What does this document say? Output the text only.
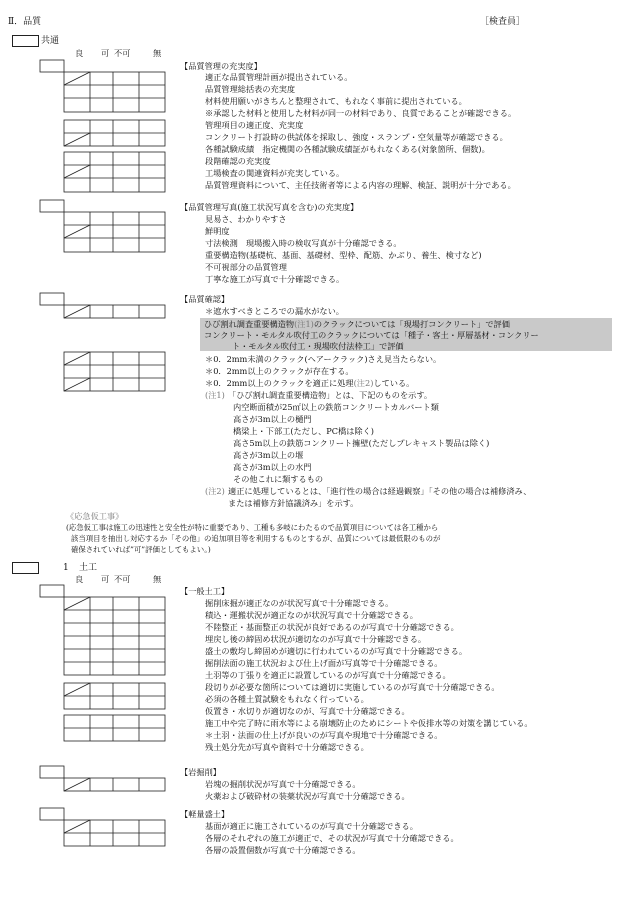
Ⅱ．品質	［検査員］
共通
良 可 不可	無
【品質管理の充実度】
適正な品質管理計画が提出されている。
品質管理総括表の充実度
材料使用願いがきちんと整理されて、もれなく事前に提出されている。
※承認した材料と使用した材料が同一の材料であり、良質であることが確認できる。
管理項目の適正度、充実度
コンクリート打設時の供試体を採取し、強度・スランプ・空気量等が確認できる。
各種試験成績　指定機関の各種試験成績証がもれなくある(対象箇所、個数)。
段階確認の充実度
工場検査の関連資料が充実している。
品質管理資料について、主任技術者等による内容の理解、検証、説明が十分である。
【品質管理写真(施工状況写真を含む)の充実度】
見易さ、わかりやすさ
鮮明度
寸法検測　現場搬入時の検収写真が十分確認できる。
重要構造物(基礎杭、基面、基礎材、型枠、配筋、かぶり、養生、検寸など)
不可視部分の品質管理
丁寧な施工が写真で十分確認できる。
【品質確認】
＊遮水すべきところでの漏水がない。
ひび割れ調査重要構造物(注1)のクラックについては「現場打コンクリート」で評価
コンクリート・モルタル吹付工のクラックについては「種子・客土・厚層基材・コンクリー
ト・モルタル吹付工・現場吹付法枠工」で評価
＊0．2mm未満のクラック(ヘアークラック)さえ見当たらない。
＊0．2mm以上のクラックが存在する。
＊0．2mm以上のクラックを適正に処理(注2)している。
(注1) 「ひび割れ調査重要構造物」とは、下記のものを示す。
内空断面積が25㎡以上の鉄筋コンクリートカルバート類
高さが3m以上の樋門
橋梁上・下部工(ただし、PC橋は除く)
高さ5m以上の鉄筋コンクリート擁壁(ただしプレキャスト製品は除く)
高さが3m以上の堰
高さが3m以上の水門
その他これに類するもの
(注2) 適正に処理しているとは、「進行性の場合は経過観察」「その他の場合は補修済み、
または補修方針協議済み」を示す。
《応急仮工事》
(応急仮工事は施工の迅速性と安全性が特に重要であり、工種も多岐にわたるので品質項目については各工種から
該当項目を抽出し対応するか「その他」の追加項目等を利用するものとするが、品質については最低限のものが
確保されていれば”可”評価としてもよい。)
1 土工
良 可 不可	無
【一般土工】
掘削床掘が適正なのが状況写真で十分確認できる。
積込・運搬状況が適正なのが状況写真で十分確認できる。
不陸整正・基面整正の状況が良好であるのが写真で十分確認できる。
埋戻し後の締固め状況が適切なのが写真で十分確認できる。
盛土の敷均し締固めが適切に行われているのが写真で十分確認できる。
掘削法面の施工状況および仕上げ面が写真等で十分確認できる。
土羽等の丁張りを適正に設置しているのが写真で十分確認できる。
段切りが必要な箇所については適切に実施しているのが写真で十分確認できる。
必須の各種土質試験をもれなく行っている。
仮置き・水切りが適切なのが、写真で十分確認できる。
施工中や完了時に雨水等による崩壊防止のためにシートや仮排水等の対策を講じている。
＊土羽・法面の仕上げが良いのが写真や現地で十分確認できる。
残土処分先が写真や資料で十分確認できる。
【岩掘削】
岩塊の掘削状況が写真で十分確認できる。
火薬および破砕材の装薬状況が写真で十分確認できる。
【軽量盛土】
基面が適正に施工されているのが写真で十分確認できる。
各層のそれぞれの施工が適正で、その状況が写真で十分確認できる。
各層の設置個数が写真で十分確認できる。
